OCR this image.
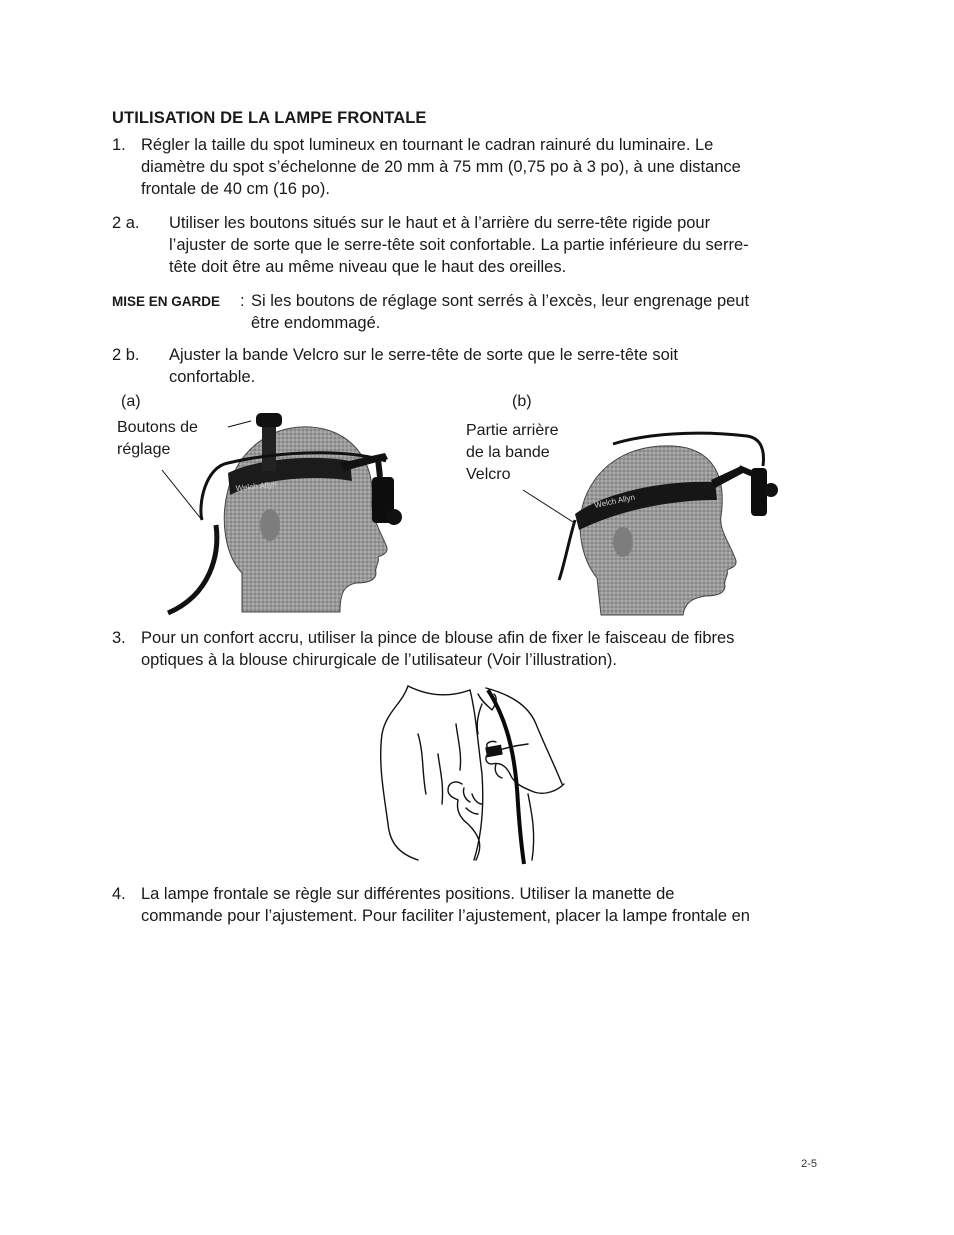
UTILISATION DE LA LAMPE FRONTALE
1. Régler la taille du spot lumineux en tournant le cadran rainuré du luminaire. Le
diamètre du spot s’échelonne de 20 mm à 75 mm (0,75 po à 3 po), à une distance
frontale de 40 cm (16 po).
2 a. Utiliser les boutons situés sur le haut et à l’arrière du serre-tête rigide pour
l’ajuster de sorte que le serre-tête soit confortable. La partie inférieure du serre-
tête doit être au même niveau que le haut des oreilles.
MISE EN GARDE : Si les boutons de réglage sont serrés à l’excès, leur engrenage peut
être endommagé.
2 b. Ajuster la bande Velcro sur le serre-tête de sorte que le serre-tête soit
confortable.
(a)
Boutons de
réglage
Welch Allyn
(b)
Partie arrière
de la bande
Velcro
Welch Allyn
3. Pour un confort accru, utiliser la pince de blouse afin de fixer le faisceau de fibres
optiques à la blouse chirurgicale de l’utilisateur (Voir l’illustration).
4. La lampe frontale se règle sur différentes positions. Utiliser la manette de
commande pour l’ajustement. Pour faciliter l’ajustement, placer la lampe frontale en
2-5
